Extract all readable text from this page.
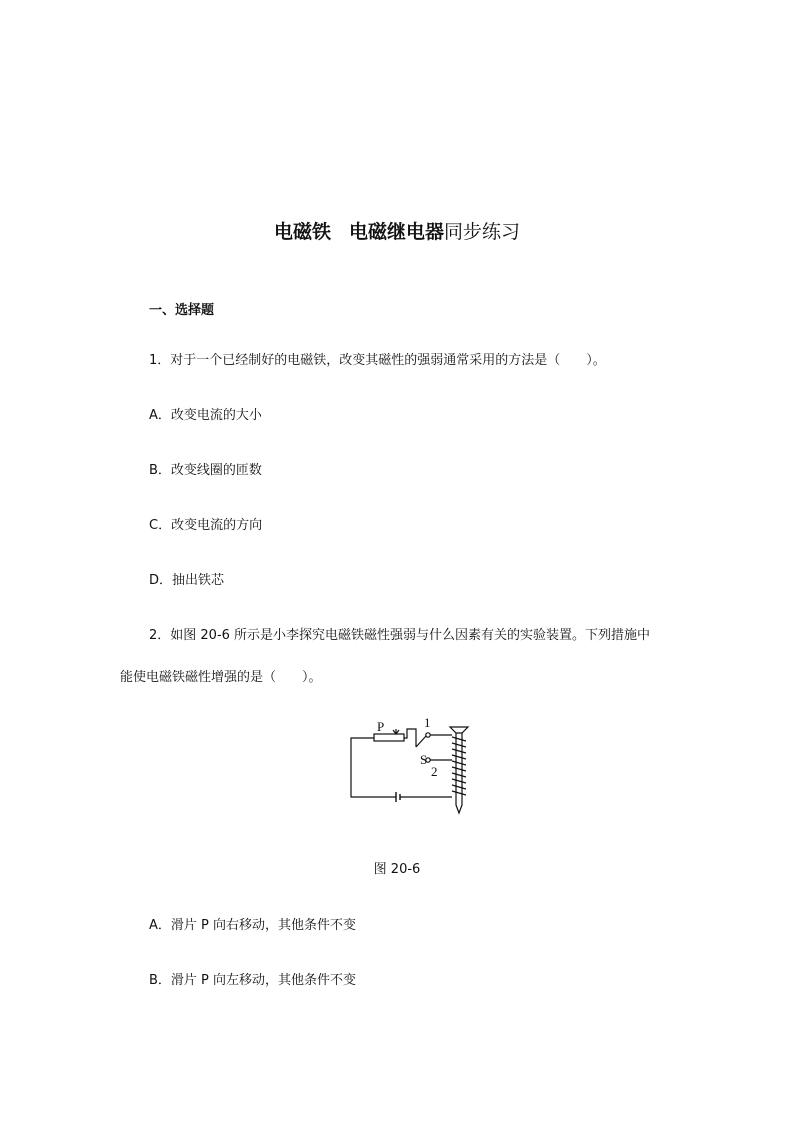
电磁铁 电磁继电器同步练习
一、选择题
1．对于一个已经制好的电磁铁，改变其磁性的强弱通常采用的方法是（　　）。
A．改变电流的大小
B．改变线圈的匝数
C．改变电流的方向
D．抽出铁芯
2．如图 20-6 所示是小李探究电磁铁磁性强弱与什么因素有关的实验装置。下列措施中
能使电磁铁磁性增强的是（　　）。
P	1
S
2
图 20-6
A．滑片 P 向右移动，其他条件不变
B．滑片 P 向左移动，其他条件不变
